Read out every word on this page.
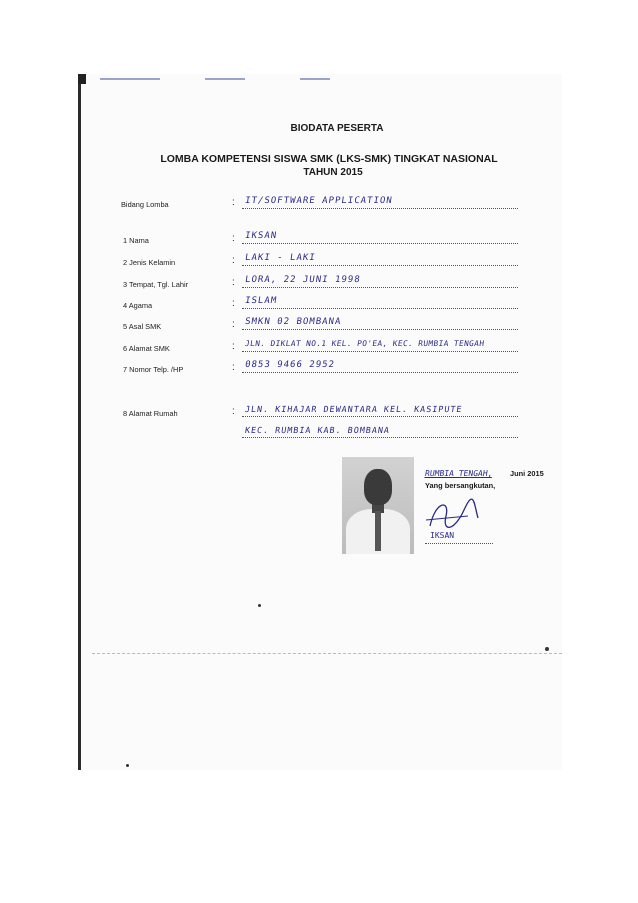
BIODATA PESERTA
LOMBA KOMPETENSI SISWA SMK (LKS-SMK) TINGKAT NASIONAL
TAHUN 2015
Bidang Lomba	: IT/SOFTWARE APPLICATION
1 Nama	: IKSAN
2 Jenis Kelamin	: LAKI - LAKI
3 Tempat, Tgl. Lahir	: LORA, 22 JUNI 1998
4 Agama	: ISLAM
5 Asal SMK	: SMKN 02 BOMBANA
6 Alamat SMK	: JLN. DIKLAT NO.1 KEL. PO'EA, KEC. RUMBIA TENGAH
7 Nomor Telp. /HP	: 0853 9466 2952
8 Alamat Rumah	: JLN. KIHAJAR DEWANTARA KEL. KASIPUTE
KEC. RUMBIA KAB. BOMBANA
RUMBIA TENGAH, Juni 2015
Yang bersangkutan,
IKSAN
